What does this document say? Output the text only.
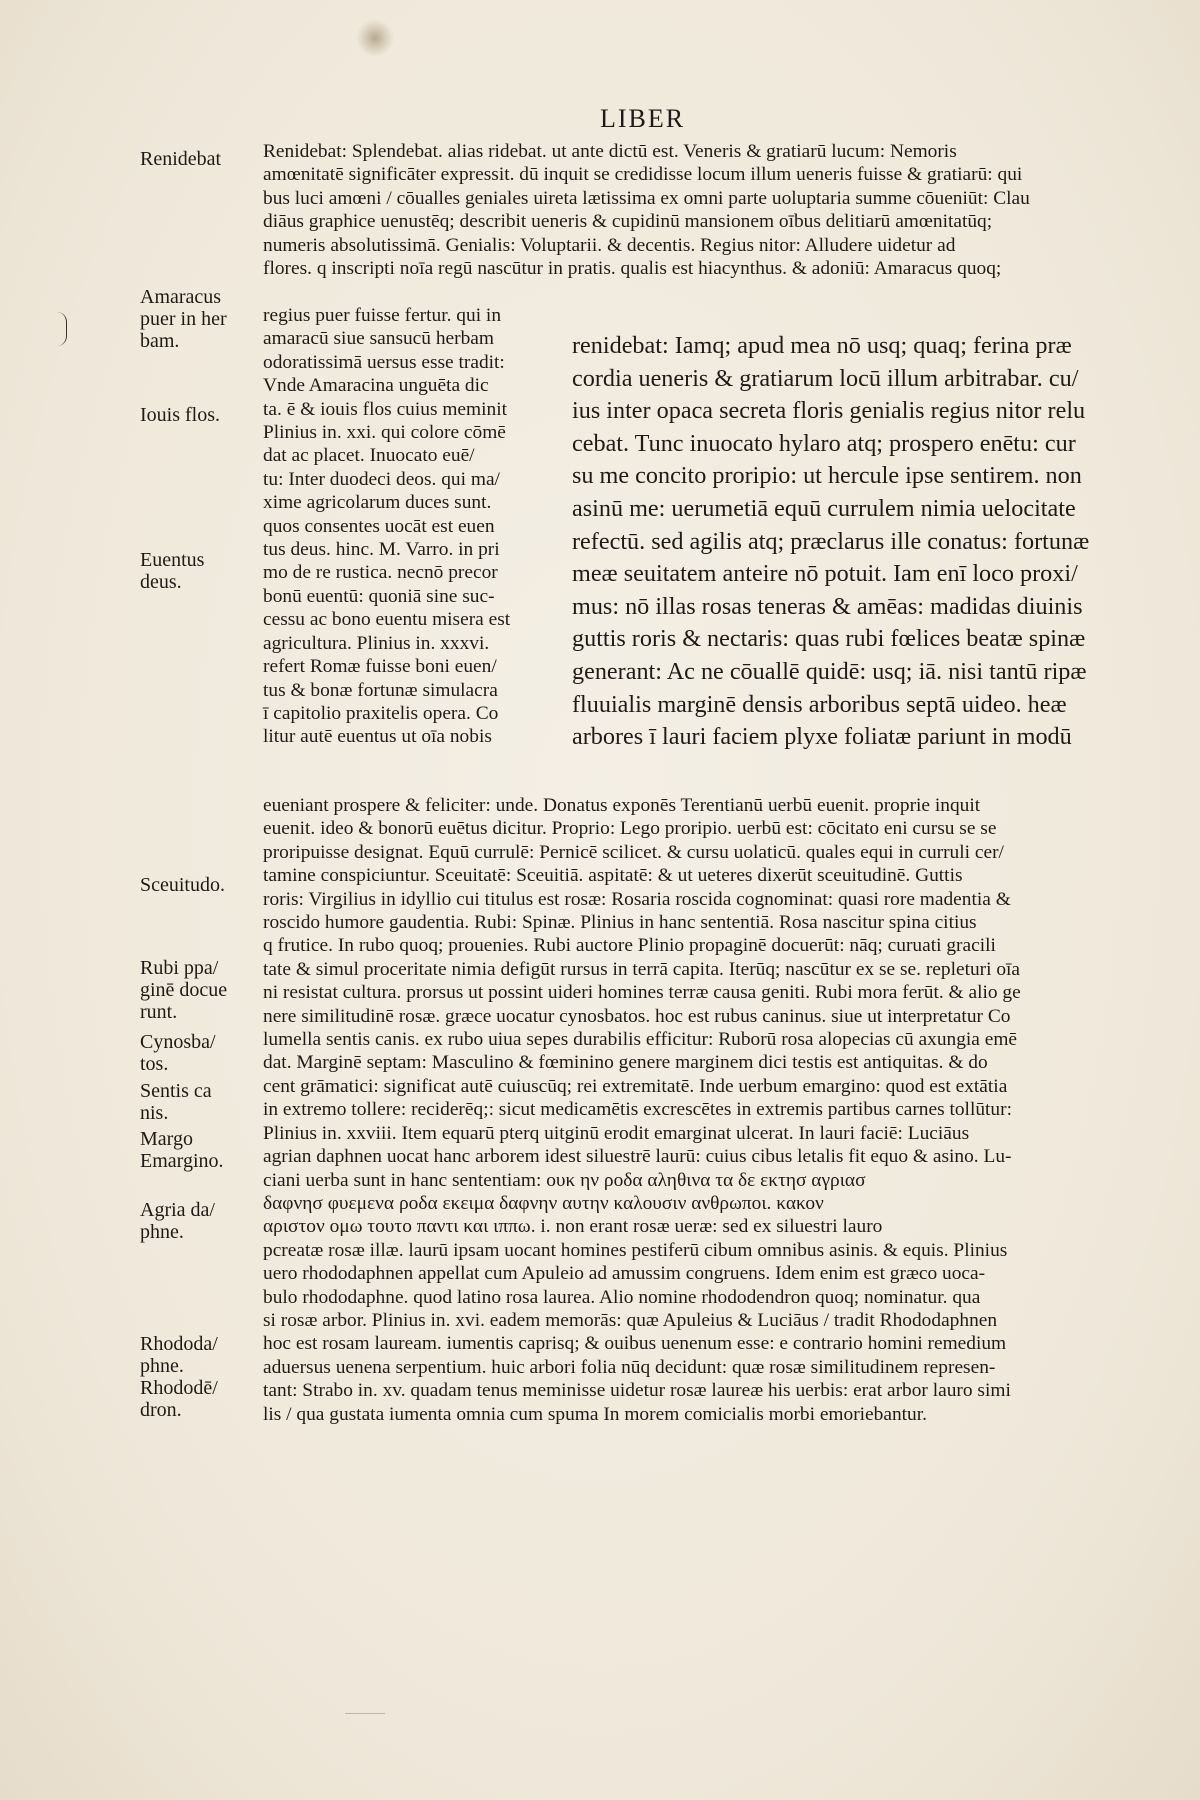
LIBER
Renidebat
Amaracus
puer in her
bam.
Iouis flos.
Euentus
deus.
Sceuitudo.
Rubi ppa/
ginē docue
runt.
Cynosba/
tos.
Sentis ca
nis.
Margo
Emargino.
Agria da/
phne.
Rhododa/
phne.
Rhododē/
dron.
Renidebat: Splendebat. alias ridebat. ut ante dictū est. Veneris & gratiarū lucum: Nemoris
amœnitatē significāter expressit. dū inquit se credidisse locum illum ueneris fuisse & gratiarū: qui
bus luci amœni / cōualles geniales uireta lætissima ex omni parte uoluptaria summe cōueniūt: Clau
diāus graphice uenustēq; describit ueneris & cupidinū mansionem oībus delitiarū amœnitatūq;
numeris absolutissimā. Genialis: Voluptarii. & decentis. Regius nitor: Alludere uidetur ad
flores. q inscripti noīa regū nascūtur in pratis. qualis est hiacynthus. & adoniū: Amaracus quoq;
regius puer fuisse fertur. qui in
amaracū siue sansucū herbam
odoratissimā uersus esse tradit:
Vnde Amaracina unguēta dic
ta. ē & iouis flos cuius meminit
Plinius in. xxi. qui colore cōmē
dat ac placet. Inuocato euē/
tu: Inter duodeci deos. qui ma/
xime agricolarum duces sunt.
quos consentes uocāt est euen
tus deus. hinc. M. Varro. in pri
mo de re rustica. necnō precor
bonū euentū: quoniā sine suc-
cessu ac bono euentu misera est
agricultura. Plinius in. xxxvi.
refert Romæ fuisse boni euen/
tus & bonæ fortunæ simulacra
ī capitolio praxitelis opera. Co
litur autē euentus ut oīa nobis
renidebat: Iamq; apud mea nō usq; quaq; ferina præ
cordia ueneris & gratiarum locū illum arbitrabar. cu/
ius inter opaca secreta floris genialis regius nitor relu
cebat. Tunc inuocato hylaro atq; prospero enētu: cur
su me concito proripio: ut hercule ipse sentirem. non
asinū me: uerumetiā equū currulem nimia uelocitate
refectū. sed agilis atq; præclarus ille conatus: fortunæ
meæ seuitatem anteire nō potuit. Iam enī loco proxi/
mus: nō illas rosas teneras & amēas: madidas diuinis
guttis roris & nectaris: quas rubi fœlices beatæ spinæ
generant: Ac ne cōuallē quidē: usq; iā. nisi tantū ripæ
fluuialis marginē densis arboribus septā uideo. heæ
arbores ī lauri faciem plyxe foliatæ pariunt in modū
eueniant prospere & feliciter: unde. Donatus exponēs Terentianū uerbū euenit. proprie inquit
euenit. ideo & bonorū euētus dicitur. Proprio: Lego proripio. uerbū est: cōcitato eni cursu se se
proripuisse designat. Equū currulē: Pernicē scilicet. & cursu uolaticū. quales equi in curruli cer/
tamine conspiciuntur. Sceuitatē: Sceuitiā. aspitatē: & ut ueteres dixerūt sceuitudinē. Guttis
roris: Virgilius in idyllio cui titulus est rosæ: Rosaria roscida cognominat: quasi rore madentia &
roscido humore gaudentia. Rubi: Spinæ. Plinius in hanc sententiā. Rosa nascitur spina citius
q frutice. In rubo quoq; prouenies. Rubi auctore Plinio propaginē docuerūt: nāq; curuati gracili
tate & simul proceritate nimia defigūt rursus in terrā capita. Iterūq; nascūtur ex se se. repleturi oīa
ni resistat cultura. prorsus ut possint uideri homines terræ causa geniti. Rubi mora ferūt. & alio ge
nere similitudinē rosæ. græce uocatur cynosbatos. hoc est rubus caninus. siue ut interpretatur Co
lumella sentis canis. ex rubo uiua sepes durabilis efficitur: Ruborū rosa alopecias cū axungia emē
dat. Marginē septam: Masculino & fœminino genere marginem dici testis est antiquitas. & do
cent grāmatici: significat autē cuiuscūq; rei extremitatē. Inde uerbum emargino: quod est extātia
in extremo tollere: reciderēq;: sicut medicamētis excrescētes in extremis partibus carnes tollūtur:
Plinius in. xxviii. Item equarū pterq uitginū erodit emarginat ulcerat. In lauri faciē: Luciāus
agrian daphnen uocat hanc arborem idest siluestrē laurū: cuius cibus letalis fit equo & asino. Lu-
ciani uerba sunt in hanc sententiam: ουκ ην ροδα αληθινα τα δε εκτησ αγριασ
δαφνησ φυεμενα ροδα εκειμα δαφνην αυτην καλουσιν ανθρωποι. κακον
αριστον ομω τουτο παντι και ιππω. i. non erant rosæ ueræ: sed ex siluestri lauro
pcreatæ rosæ illæ. laurū ipsam uocant homines pestiferū cibum omnibus asinis. & equis. Plinius
uero rhododaphnen appellat cum Apuleio ad amussim congruens. Idem enim est græco uoca-
bulo rhododaphne. quod latino rosa laurea. Alio nomine rhododendron quoq; nominatur. qua
si rosæ arbor. Plinius in. xvi. eadem memorās: quæ Apuleius & Luciāus / tradit Rhododaphnen
hoc est rosam lauream. iumentis caprisq; & ouibus uenenum esse: e contrario homini remedium
aduersus uenena serpentium. huic arbori folia nūq decidunt: quæ rosæ similitudinem represen-
tant: Strabo in. xv. quadam tenus meminisse uidetur rosæ laureæ his uerbis: erat arbor lauro simi
lis / qua gustata iumenta omnia cum spuma In morem comicialis morbi emoriebantur.
